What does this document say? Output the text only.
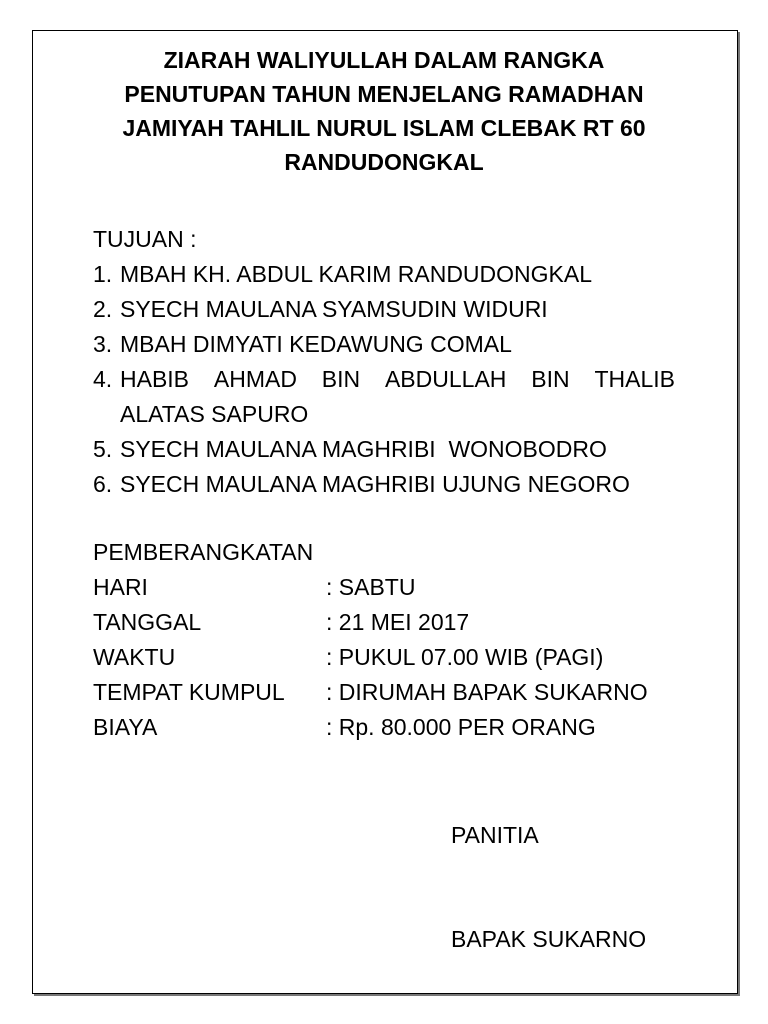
ZIARAH WALIYULLAH DALAM RANGKA
PENUTUPAN TAHUN MENJELANG RAMADHAN
JAMIYAH TAHLIL NURUL ISLAM CLEBAK RT 60
RANDUDONGKAL
TUJUAN :
1. MBAH KH. ABDUL KARIM RANDUDONGKAL
2. SYECH MAULANA SYAMSUDIN WIDURI
3. MBAH DIMYATI KEDAWUNG COMAL
4. HABIB AHMAD BIN ABDULLAH BIN THALIB
ALATAS SAPURO
5. SYECH MAULANA MAGHRIBI  WONOBODRO
6. SYECH MAULANA MAGHRIBI UJUNG NEGORO
PEMBERANGKATAN
HARI	: SABTU
TANGGAL	: 21 MEI 2017
WAKTU	: PUKUL 07.00 WIB (PAGI)
TEMPAT KUMPUL	: DIRUMAH BAPAK SUKARNO
BIAYA	: Rp. 80.000 PER ORANG
PANITIA
BAPAK SUKARNO
